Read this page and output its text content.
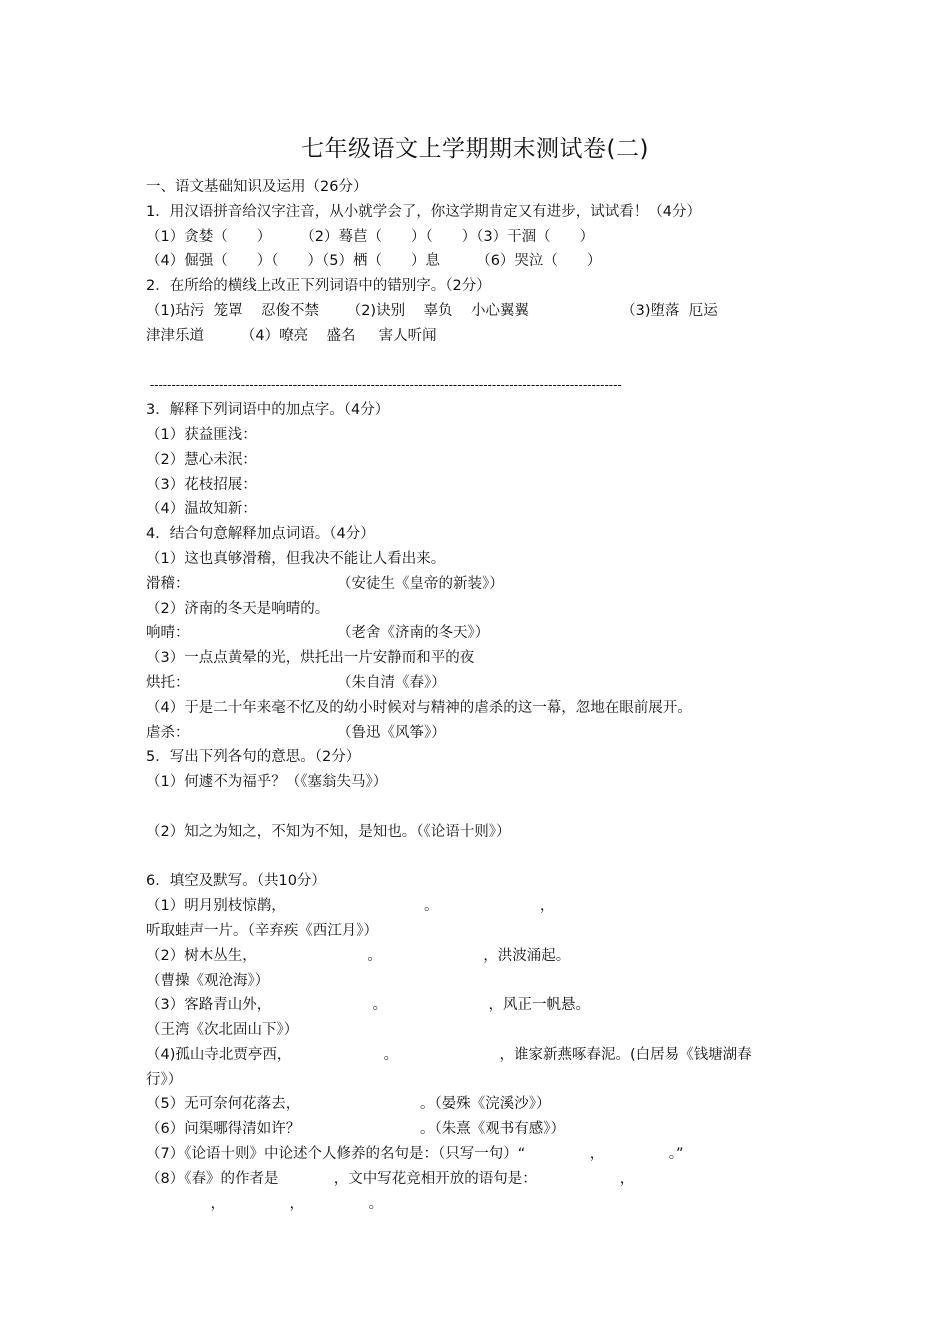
七年级语文上学期期末测试卷(二)
一、语文基础知识及运用（26分）
1．用汉语拼音给汉字注音，从小就学会了，你这学期肯定又有进步，试试看！（4分）
（1）贪婪（　　）　　　（2）蓦苣（　　）（　　）（3）干涸（　　）
（4）倔强（　　）（　　）（5）栖（　　）息　　　（6）哭泣（　　）
2．在所给的横线上改正下列词语中的错别字。（2分）
（1)玷污  笼罩    忍俊不禁      （2)诀别    辜负    小心翼翼                    （3)堕落  厄运
津津乐道        （4）嘹亮    盛名     害人听闻
-------------------------------------------------------------------------------------------------------------
3．解释下列词语中的加点字。（4分）
（1）获益匪浅：
（2）慧心未泯：
（3）花枝招展：
（4）温故知新：
4．结合句意解释加点词语。（4分）
（1）这也真够滑稽，但我决不能让人看出来。
滑稽：                                （安徒生《皇帝的新装》）
（2）济南的冬天是响晴的。
响晴：                                （老舍《济南的冬天》）
（3）一点点黄晕的光，烘托出一片安静而和平的夜
烘托：                                （朱自清《春》）
（4）于是二十年来毫不忆及的幼小时候对与精神的虐杀的这一幕，忽地在眼前展开。
虐杀：                                （鲁迅《风筝》）
5．写出下列各句的意思。（2分）
（1）何遽不为福乎？（《塞翁失马》）
（2）知之为知之，不知为不知，是知也。（《论语十则》）
6．填空及默写。（共10分）
（1）明月别枝惊鹊，                              。                      ，
听取蛙声一片。（辛弃疾《西江月》）
（2）树木丛生，                        。                      ，洪波涌起。
（曹操《观沧海》）
（3）客路青山外，                      。                      ，风正一帆悬。
（王湾《次北固山下》）
（4)孤山寺北贾亭西，                    。                      ，谁家新燕啄春泥。(白居易《钱塘湖春
行》）
（5）无可奈何花落去，                          。（晏殊《浣溪沙》）
（6）问渠哪得清如许？                          。（朱熹《观书有感》）
（7）《论语十则》中论述个人修养的名句是：（只写一句）“              ，              。”
（8）《春》的作者是            ，文中写花竞相开放的语句是：                  ，
，              ，              。
